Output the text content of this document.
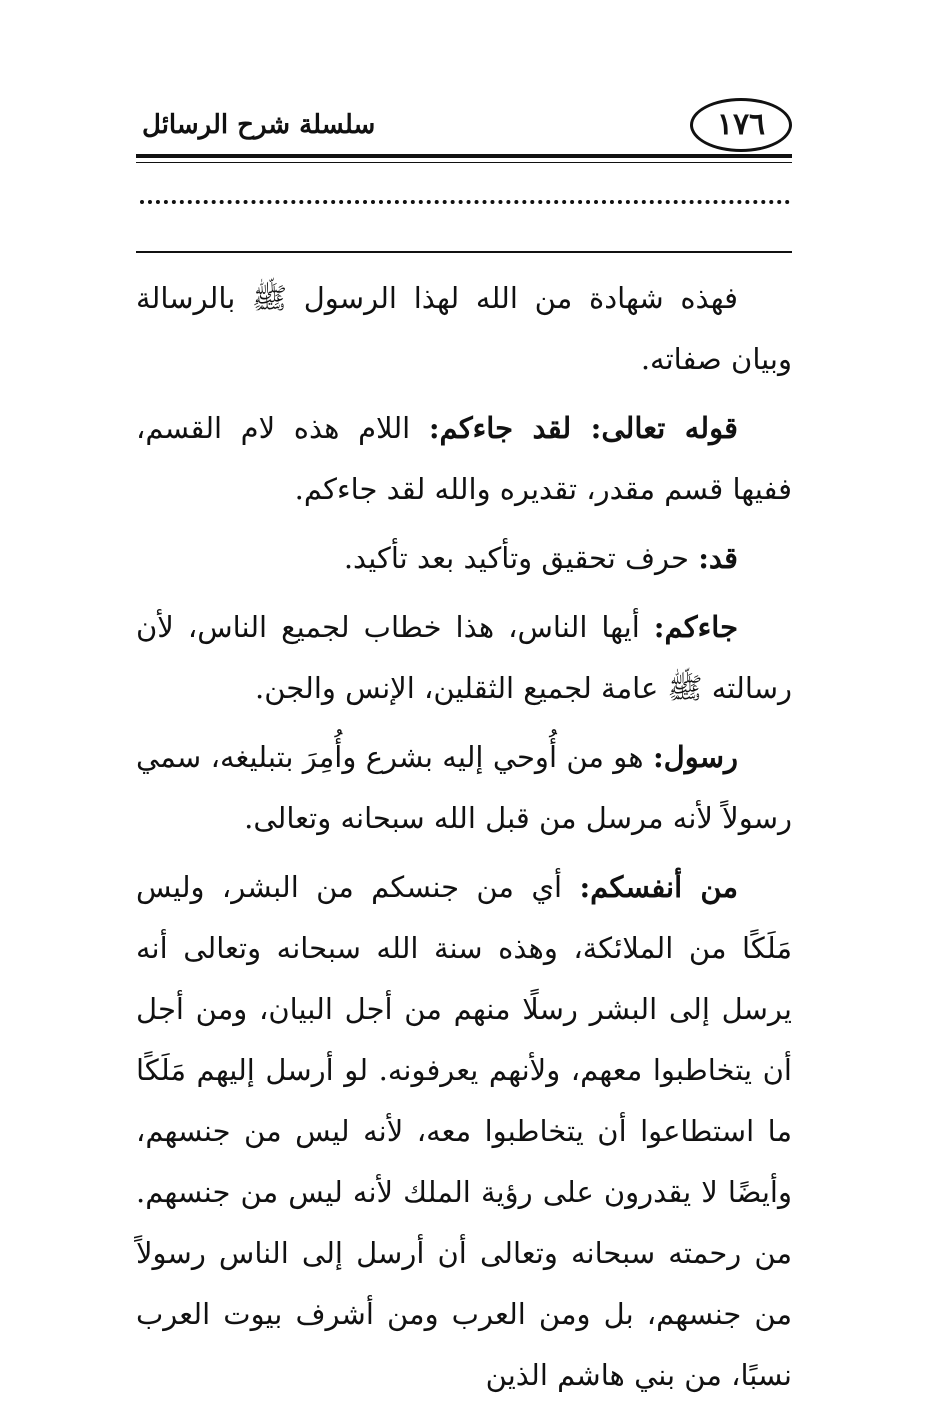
١٧٦
سلسلة شرح الرسائل

فهذه شهادة من الله لهذا الرسول ﷺ بالرسالة وبيان صفاته.

قوله تعالى: لقد جاءكم: اللام هذه لام القسم، ففيها قسم مقدر، تقديره والله لقد جاءكم.

قد: حرف تحقيق وتأكيد بعد تأكيد.

جاءكم: أيها الناس، هذا خطاب لجميع الناس، لأن رسالته ﷺ عامة لجميع الثقلين، الإنس والجن.

رسول: هو من أُوحي إليه بشرع وأُمِرَ بتبليغه، سمي رسولاً لأنه مرسل من قبل الله سبحانه وتعالى.

من أنفسكم: أي من جنسكم من البشر، وليس مَلَكًا من الملائكة، وهذه سنة الله سبحانه وتعالى أنه يرسل إلى البشر رسلًا منهم من أجل البيان، ومن أجل أن يتخاطبوا معهم، ولأنهم يعرفونه. لو أرسل إليهم مَلَكًا ما استطاعوا أن يتخاطبوا معه، لأنه ليس من جنسهم، وأيضًا لا يقدرون على رؤية الملك لأنه ليس من جنسهم. من رحمته سبحانه وتعالى أن أرسل إلى الناس رسولاً من جنسهم، بل ومن العرب ومن أشرف بيوت العرب نسبًا، من بني هاشم الذين
